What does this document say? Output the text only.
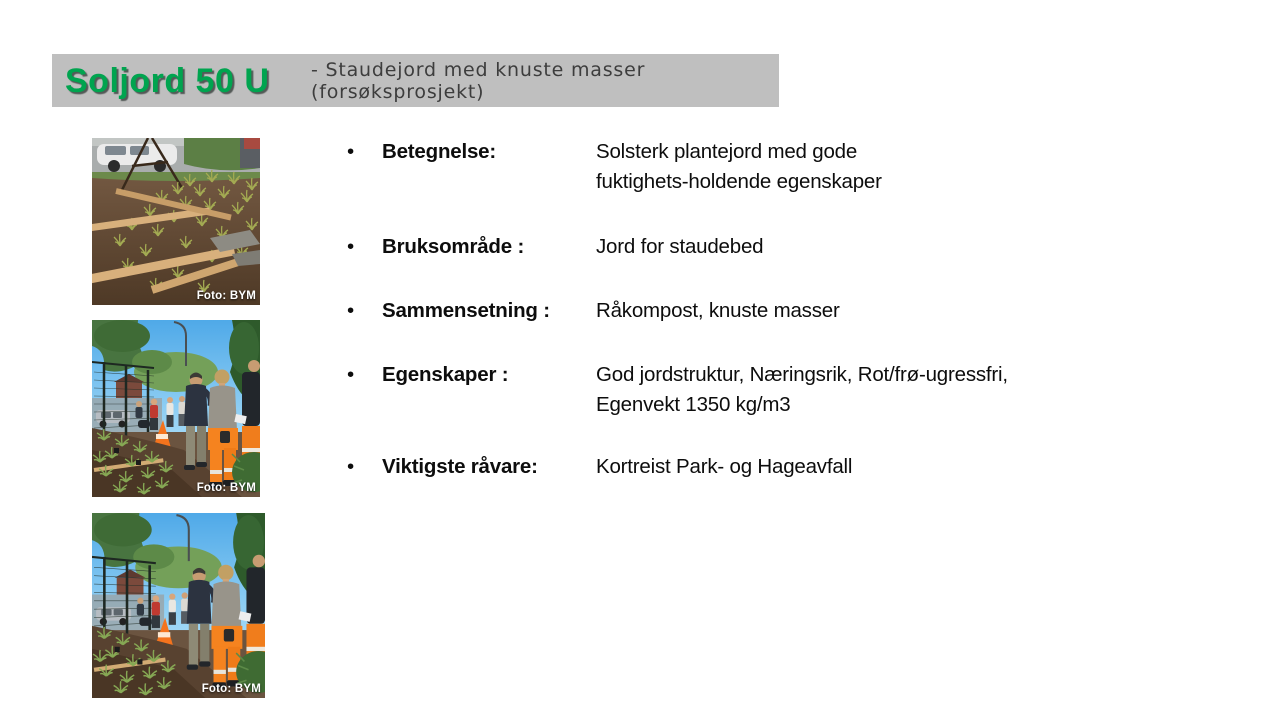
Soljord 50 U - Staudejord med knuste masser (forsøksprosjekt)
Foto: BYM
Foto: BYM
Foto: BYM
•	Betegnelse:	Solsterk plantejord med gode
fuktighets-holdende egenskaper
•	Bruksområde :	Jord for staudebed
•	Sammensetning :	Råkompost, knuste masser
•	Egenskaper :	God jordstruktur, Næringsrik, Rot/frø-ugressfri,
Egenvekt 1350 kg/m3
•	Viktigste råvare:	Kortreist Park- og Hageavfall
